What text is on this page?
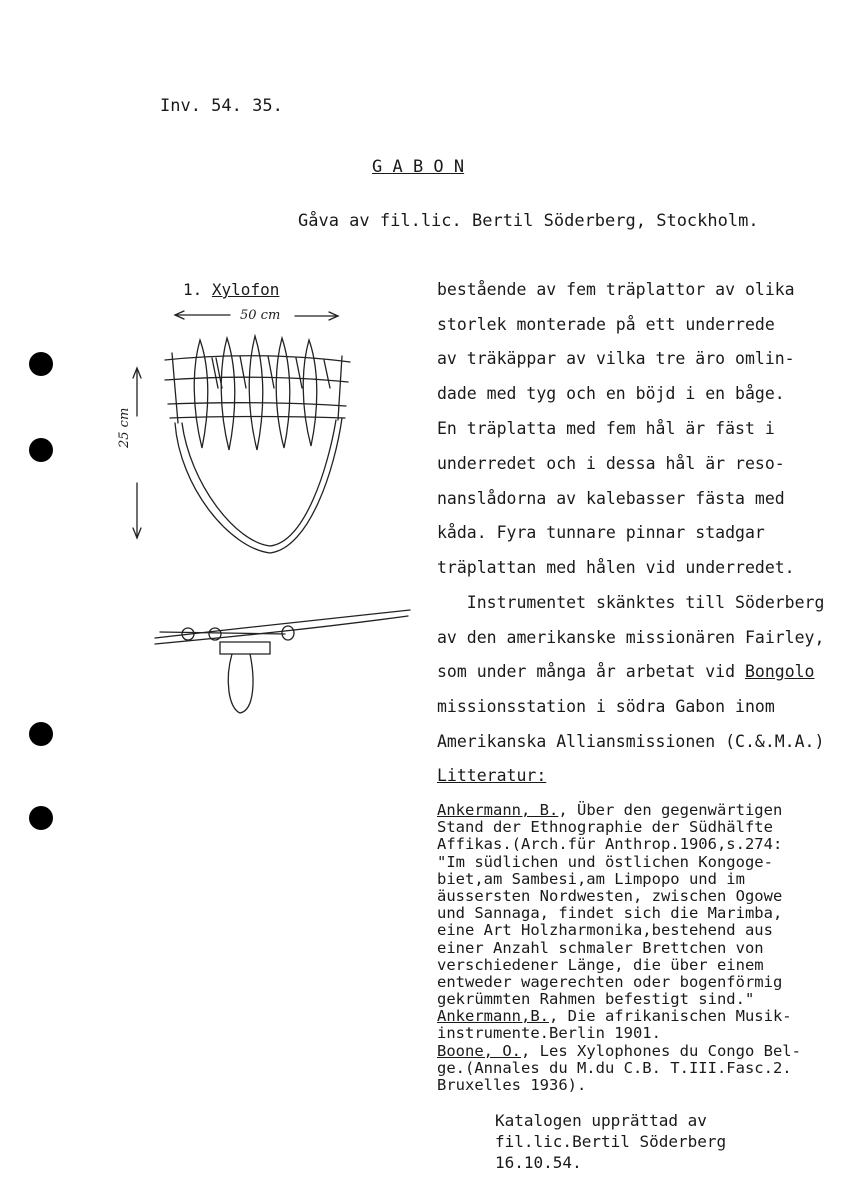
Inv. 54. 35.
G A B O N
Gåva av fil.lic. Bertil Söderberg, Stockholm.
1. Xylofon
50 cm
25 cm
bestående av fem träplattor av olika
storlek monterade på ett underrede
av träkäppar av vilka tre äro omlin-
dade med tyg och en böjd i en båge.
En träplatta med fem hål är fäst i
underredet och i dessa hål är reso-
nanslådorna av kalebasser fästa med
kåda. Fyra tunnare pinnar stadgar
träplattan med hålen vid underredet.
Instrumentet skänktes till Söderberg
av den amerikanske missionären Fairley,
som under många år arbetat vid Bongolo
missionsstation i södra Gabon inom
Amerikanska Alliansmissionen (C.&.M.A.)
Litteratur:
Ankermann, B., Über den gegenwärtigen
Stand der Ethnographie der Südhälfte
Affikas.(Arch.für Anthrop.1906,s.274:
"Im südlichen und östlichen Kongoge-
biet,am Sambesi,am Limpopo und im
äussersten Nordwesten, zwischen Ogowe
und Sannaga, findet sich die Marimba,
eine Art Holzharmonika,bestehend aus
einer Anzahl schmaler Brettchen von
verschiedener Länge, die über einem
entweder wagerechten oder bogenförmig
gekrümmten Rahmen befestigt sind."
Ankermann,B., Die afrikanischen Musik-
instrumente.Berlin 1901.
Boone, O., Les Xylophones du Congo Bel-
ge.(Annales du M.du C.B. T.III.Fasc.2.
Bruxelles 1936).
Katalogen upprättad av
fil.lic.Bertil Söderberg
16.10.54.
